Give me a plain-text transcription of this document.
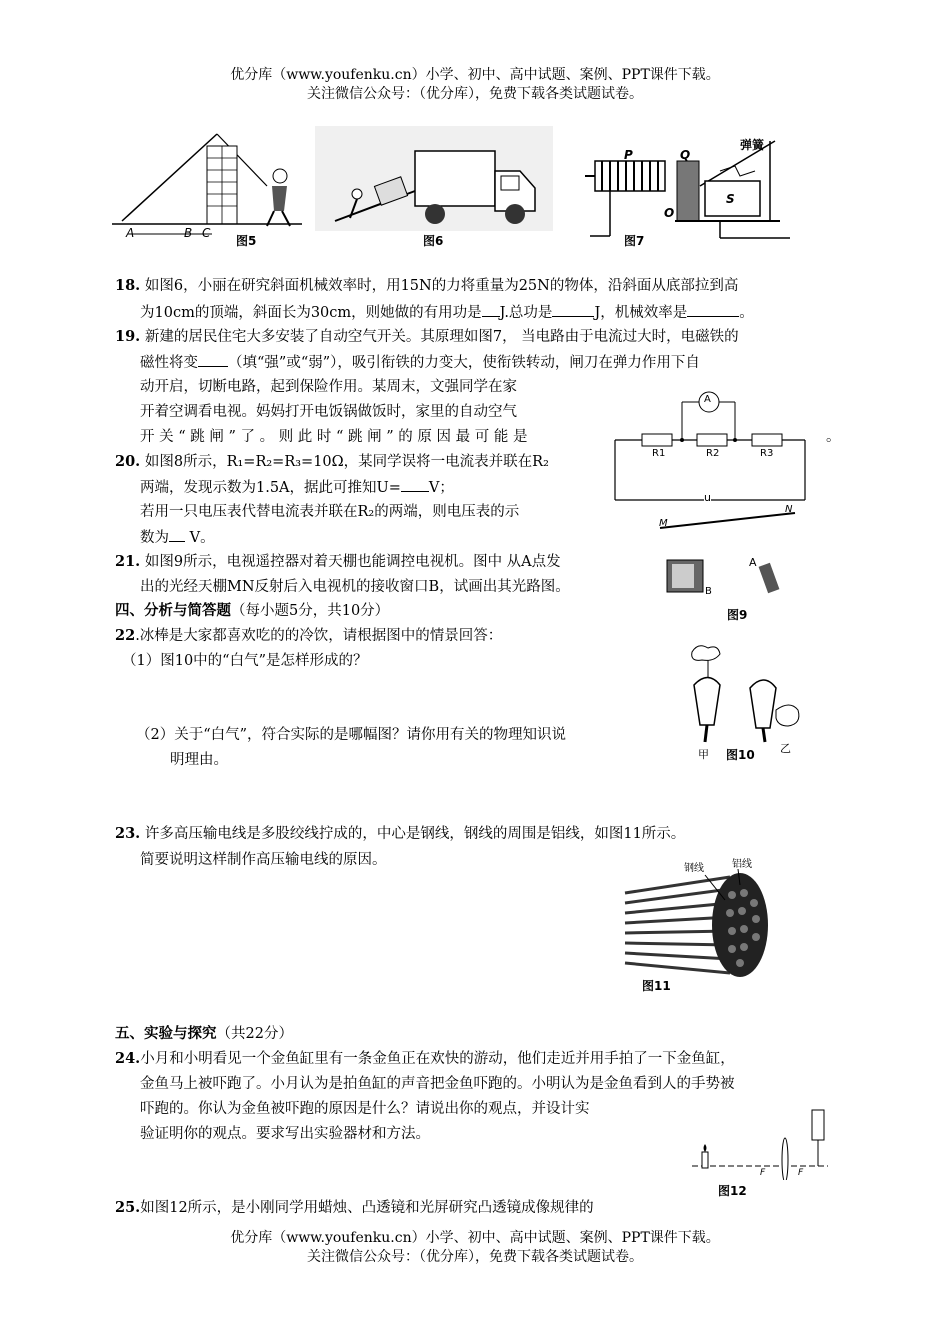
优分库（www.youfenku.cn）小学、初中、高中试题、案例、PPT课件下载。
关注微信公众号：（优分库），免费下载各类试题试卷。
A	B C
图5	图6
P	Q
弹簧
O
S
图7
18. 如图6，小丽在研究斜面机械效率时，用15N的力将重量为25N的物体，沿斜面从底部拉到高
为10cm的顶端，斜面长为30cm，则她做的有用功是 J.总功是	J，机械效率是	。
19. 新建的居民住宅大多安装了自动空气开关。其原理如图7， 当电路由于电流过大时，电磁铁的
磁性将变 （填“强”或“弱”），吸引衔铁的力变大，使衔铁转动，闸刀在弹力作用下自
动开启，切断电路，起到保险作用。某周末，文强同学在家
开着空调看电视。妈妈打开电饭锅做饭时，家里的自动空气
开 关 “ 跳 闸 ” 了 。 则 此 时 “ 跳 闸 ” 的 原 因 最 可 能 是	。
A
R1	R2	R3
u
20. 如图8所示，R₁=R₂=R₃=10Ω，某同学误将一电流表并联在R₂
两端，发现示数为1.5A，据此可推知U= V；
若用一只电压表代替电流表并联在R₂的两端，则电压表的示
数为 V。
21. 如图9所示，电视遥控器对着天棚也能调控电视机。图中 从A点发
出的光经天棚MN反射后入电视机的接收窗口B，试画出其光路图。
M
N
A
B
图9
四、分析与简答题（每小题5分，共10分）
22.冰棒是大家都喜欢吃的的冷饮，请根据图中的情景回答：
（1）图10中的“白气”是怎样形成的？
（2）关于“白气”，符合实际的是哪幅图？请你用有关的物理知识说
明理由。	甲	乙
图10
23. 许多高压输电线是多股绞线拧成的，中心是钢线，钢线的周围是铝线，如图11所示。
简要说明这样制作高压输电线的原因。
钢线	铝线
图11
五、实验与探究（共22分）
24.小月和小明看见一个金鱼缸里有一条金鱼正在欢快的游动，他们走近并用手拍了一下金鱼缸，
金鱼马上被吓跑了。小月认为是拍鱼缸的声音把金鱼吓跑的。小明认为是金鱼看到人的手势被
吓跑的。你认为金鱼被吓跑的原因是什么？请说出你的观点，并设计实
验证明你的观点。要求写出实验器材和方法。
F	F
图12
25.如图12所示，是小刚同学用蜡烛、凸透镜和光屏研究凸透镜成像规律的
优分库（www.youfenku.cn）小学、初中、高中试题、案例、PPT课件下载。
关注微信公众号：（优分库），免费下载各类试题试卷。
